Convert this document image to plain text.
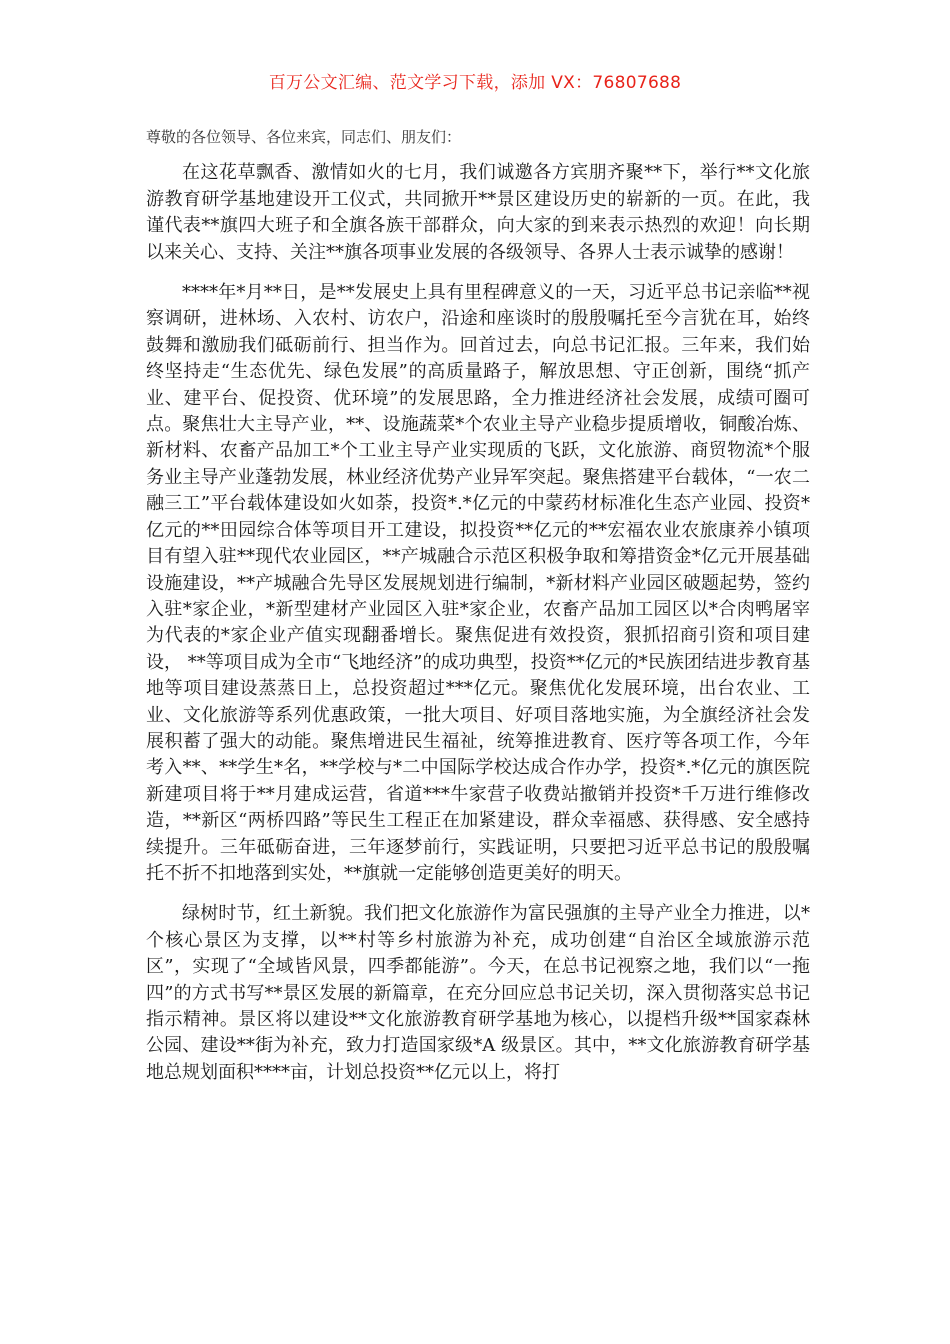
百万公文汇编、范文学习下载，添加 VX：76807688

尊敬的各位领导、各位来宾，同志们、朋友们：

在这花草飘香、激情如火的七月，我们诚邀各方宾朋齐聚**下，举行**文化旅游教育研学基地建设开工仪式，共同掀开**景区建设历史的崭新的一页。在此，我谨代表**旗四大班子和全旗各族干部群众，向大家的到来表示热烈的欢迎！向长期以来关心、支持、关注**旗各项事业发展的各级领导、各界人士表示诚挚的感谢！

****年*月**日，是**发展史上具有里程碑意义的一天，习近平总书记亲临**视察调研，进林场、入农村、访农户，沿途和座谈时的殷殷嘱托至今言犹在耳，始终鼓舞和激励我们砥砺前行、担当作为。回首过去，向总书记汇报。三年来，我们始终坚持走“生态优先、绿色发展”的高质量路子，解放思想、守正创新，围绕“抓产业、建平台、促投资、优环境”的发展思路，全力推进经济社会发展，成绩可圈可点。聚焦壮大主导产业，**、设施蔬菜*个农业主导产业稳步提质增收，铜酸冶炼、新材料、农畜产品加工*个工业主导产业实现质的飞跃，文化旅游、商贸物流*个服务业主导产业蓬勃发展，林业经济优势产业异军突起。聚焦搭建平台载体，“一农二融三工”平台载体建设如火如荼，投资*.*亿元的中蒙药材标准化生态产业园、投资*亿元的**田园综合体等项目开工建设，拟投资**亿元的**宏福农业农旅康养小镇项目有望入驻**现代农业园区，**产城融合示范区积极争取和筹措资金*亿元开展基础设施建设，**产城融合先导区发展规划进行编制，*新材料产业园区破题起势，签约入驻*家企业，*新型建材产业园区入驻*家企业，农畜产品加工园区以*合肉鸭屠宰为代表的*家企业产值实现翻番增长。聚焦促进有效投资，狠抓招商引资和项目建设， **等项目成为全市“飞地经济”的成功典型，投资**亿元的*民族团结进步教育基地等项目建设蒸蒸日上，总投资超过***亿元。聚焦优化发展环境，出台农业、工业、文化旅游等系列优惠政策，一批大项目、好项目落地实施，为全旗经济社会发展积蓄了强大的动能。聚焦增进民生福祉，统筹推进教育、医疗等各项工作，今年考入**、**学生*名，**学校与*二中国际学校达成合作办学，投资*.*亿元的旗医院新建项目将于**月建成运营，省道***牛家营子收费站撤销并投资*千万进行维修改造，**新区“两桥四路”等民生工程正在加紧建设，群众幸福感、获得感、安全感持续提升。三年砥砺奋进，三年逐梦前行，实践证明，只要把习近平总书记的殷殷嘱托不折不扣地落到实处，**旗就一定能够创造更美好的明天。

绿树时节，红土新貌。我们把文化旅游作为富民强旗的主导产业全力推进，以*个核心景区为支撑，以**村等乡村旅游为补充，成功创建“自治区全域旅游示范区”，实现了“全域皆风景，四季都能游”。今天，在总书记视察之地，我们以“一拖四”的方式书写**景区发展的新篇章，在充分回应总书记关切，深入贯彻落实总书记指示精神。景区将以建设**文化旅游教育研学基地为核心，以提档升级**国家森林公园、建设**街为补充，致力打造国家级*A 级景区。其中，**文化旅游教育研学基地总规划面积****亩，计划总投资**亿元以上，将打
